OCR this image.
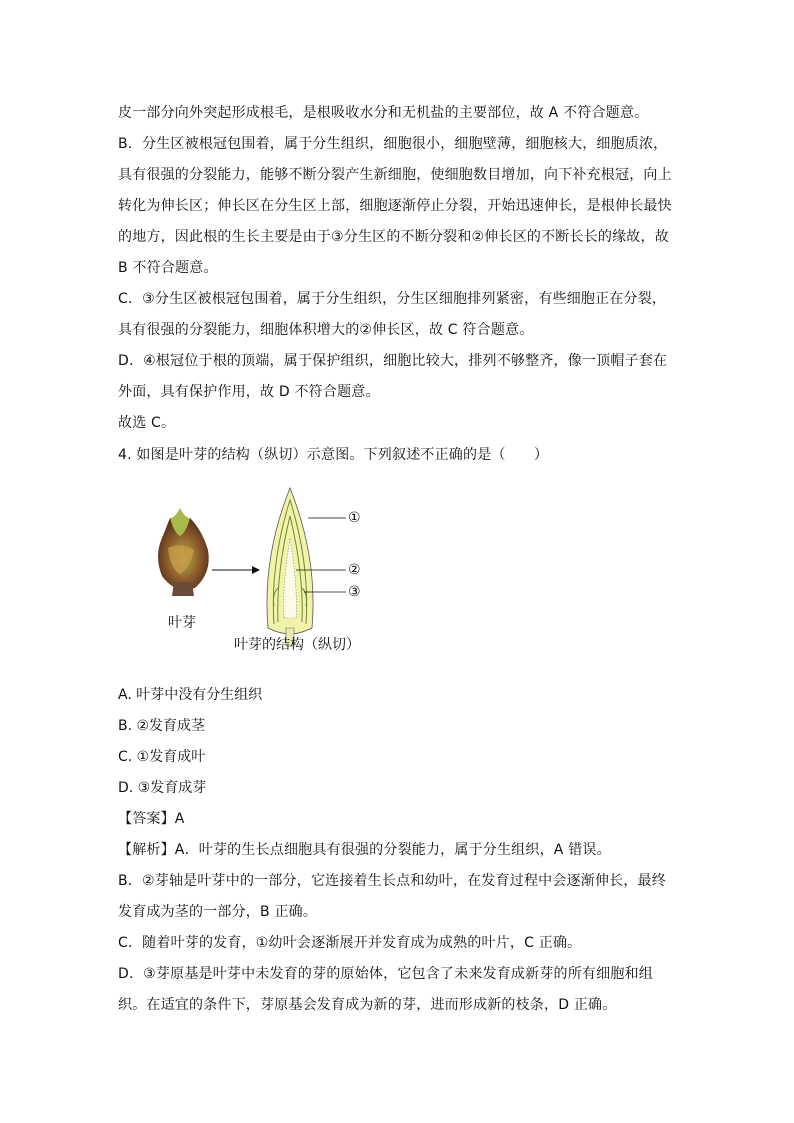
皮一部分向外突起形成根毛，是根吸收水分和无机盐的主要部位，故 A 不符合题意。
B．分生区被根冠包围着，属于分生组织，细胞很小，细胞壁薄，细胞核大，细胞质浓，
具有很强的分裂能力，能够不断分裂产生新细胞，使细胞数目增加，向下补充根冠，向上
转化为伸长区；伸长区在分生区上部，细胞逐渐停止分裂，开始迅速伸长，是根伸长最快
的地方，因此根的生长主要是由于③分生区的不断分裂和②伸长区的不断长长的缘故，故
B 不符合题意。
C．③分生区被根冠包围着，属于分生组织，分生区细胞排列紧密，有些细胞正在分裂，
具有很强的分裂能力，细胞体积增大的②伸长区，故 C 符合题意。
D．④根冠位于根的顶端，属于保护组织，细胞比较大，排列不够整齐，像一顶帽子套在
外面，具有保护作用，故 D 不符合题意。
故选 C。
4. 如图是叶芽的结构（纵切）示意图。下列叙述不正确的是（　　）
①
②
③
叶芽
叶芽的结构（纵切）
A. 叶芽中没有分生组织
B. ②发育成茎
C. ①发育成叶
D. ③发育成芽
【答案】A
【解析】A．叶芽的生长点细胞具有很强的分裂能力，属于分生组织，A 错误。
B．②芽轴是叶芽中的一部分，它连接着生长点和幼叶，在发育过程中会逐渐伸长，最终
发育成为茎的一部分，B 正确。
C．随着叶芽的发育，①幼叶会逐渐展开并发育成为成熟的叶片，C 正确。
D．③芽原基是叶芽中未发育的芽的原始体，它包含了未来发育成新芽的所有细胞和组
织。在适宜的条件下，芽原基会发育成为新的芽，进而形成新的枝条，D 正确。
